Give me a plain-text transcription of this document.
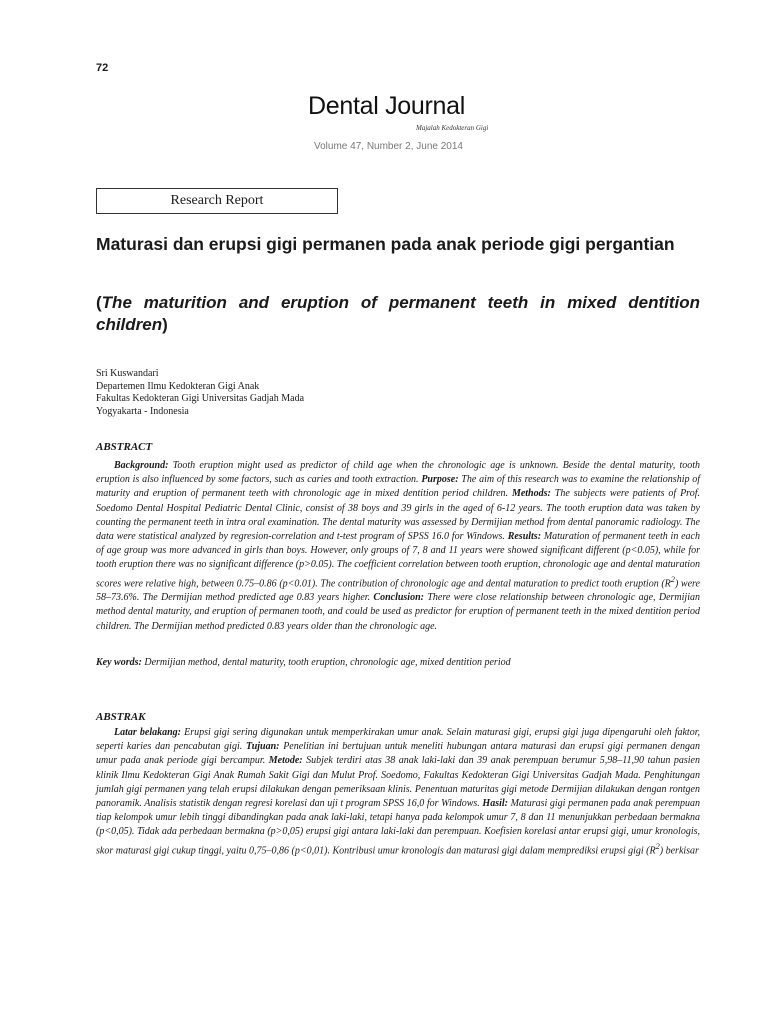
72
Dental Journal
Majalah Kedokteran Gigi
Volume 47, Number 2, June 2014
Research Report
Maturasi dan erupsi gigi permanen pada anak periode gigi pergantian
(The maturition and eruption of permanent teeth in mixed dentition children)
Sri Kuswandari
Departemen Ilmu Kedokteran Gigi Anak
Fakultas Kedokteran Gigi Universitas Gadjah Mada
Yogyakarta - Indonesia
ABSTRACT

Background: Tooth eruption might used as predictor of child age when the chronologic age is unknown. Beside the dental maturity, tooth eruption is also influenced by some factors, such as caries and tooth extraction. Purpose: The aim of this research was to examine the relationship of maturity and eruption of permanent teeth with chronologic age in mixed dentition period children. Methods: The subjects were patients of Prof. Soedomo Dental Hospital Pediatric Dental Clinic, consist of 38 boys and 39 girls in the aged of 6-12 years. The tooth eruption data was taken by counting the permanent teeth in intra oral examination. The dental maturity was assessed by Dermijian method from dental panoramic radiology. The data were statistical analyzed by regresion-correlation and t-test program of SPSS 16.0 for Windows. Results: Maturation of permanent teeth in each of age group was more advanced in girls than boys. However, only groups of 7, 8 and 11 years were showed significant different (p<0.05), while for tooth eruption there was no significant difference (p>0.05). The coefficient correlation between tooth eruption, chronologic age and dental maturation scores were relative high, between 0.75–0.86 (p<0.01). The contribution of chronologic age and dental maturation to predict tooth eruption $(R^2)$ were 58–73.6%. The Dermijian method predicted age 0.83 years higher. Conclusion: There were close relationship between chronologic age, Dermijian method dental maturity, and eruption of permanen tooth, and could be used as predictor for eruption of permanent teeth in the mixed dentition period children. The Dermijian method predicted 0.83 years older than the chronologic age.

Key words: Dermijian method, dental maturity, tooth eruption, chronologic age, mixed dentition period
ABSTRAK

Latar belakang: Erupsi gigi sering digunakan untuk memperkirakan umur anak. Selain maturasi gigi, erupsi gigi juga dipengaruhi oleh faktor, seperti karies dan pencabutan gigi. Tujuan: Penelitian ini bertujuan untuk meneliti hubungan antara maturasi dan erupsi gigi permanen dengan umur pada anak periode gigi bercampur. Metode: Subjek terdiri atas 38 anak laki-laki dan 39 anak perempuan berumur 5,98–11,90 tahun pasien klinik Ilmu Kedokteran Gigi Anak Rumah Sakit Gigi dan Mulut Prof. Soedomo, Fakultas Kedokteran Gigi Universitas Gadjah Mada. Penghitungan jumlah gigi permanen yang telah erupsi dilakukan dengan pemeriksaan klinis. Penentuan maturitas gigi metode Dermijian dilakukan dengan rontgen panoramik. Analisis statistik dengan regresi korelasi dan uji t program SPSS 16,0 for Windows. Hasil: Maturasi gigi permanen pada anak perempuan tiap kelompok umur lebih tinggi dibandingkan pada anak laki-laki, tetapi hanya pada kelompok umur 7, 8 dan 11 menunjukkan perbedaan bermakna (p<0,05). Tidak ada perbedaan bermakna (p>0,05) erupsi gigi antara laki-laki dan perempuan. Koefisien korelasi antar erupsi gigi, umur kronologis, skor maturasi gigi cukup tinggi, yaitu 0,75–0,86 (p<0,01). Kontribusi umur kronologis dan maturasi gigi dalam memprediksi erupsi gigi $(R^2)$ berkisar
